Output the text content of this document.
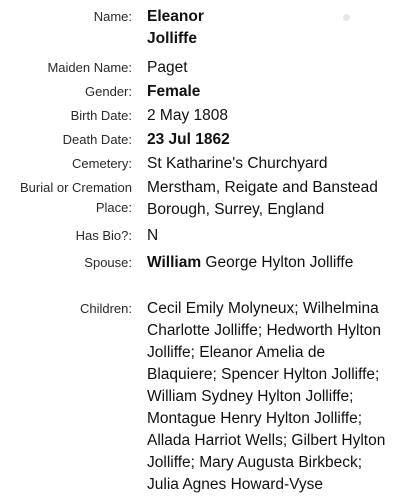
Name: Eleanor
Jolliffe
Maiden Name: Paget
Gender: Female
Birth Date: 2 May 1808
Death Date: 23 Jul 1862
Cemetery: St Katharine's Churchyard
Burial or Cremation
Place:
Merstham, Reigate and Banstead Borough, Surrey, England
Has Bio?: N
Spouse: William George Hylton Jolliffe
Children: Cecil Emily Molyneux; Wilhelmina Charlotte Jolliffe; Hedworth Hylton Jolliffe; Eleanor Amelia de Blaquiere; Spencer Hylton Jolliffe; William Sydney Hylton Jolliffe; Montague Henry Hylton Jolliffe; Allada Harriot Wells; Gilbert Hylton Jolliffe; Mary Augusta Birkbeck; Julia Agnes Howard-Vyse
